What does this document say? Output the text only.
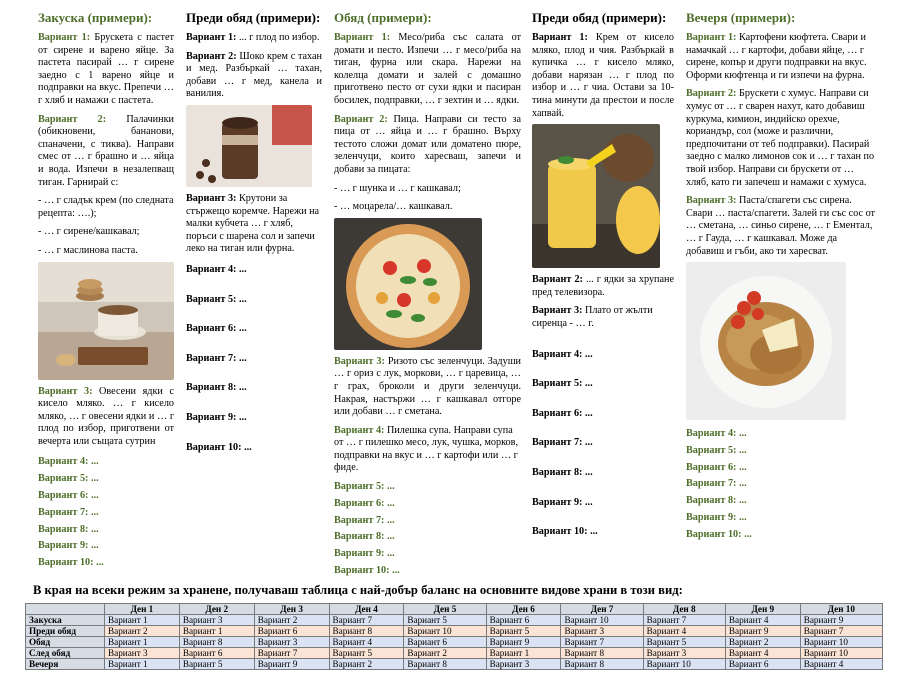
Закуска (примери):

Вариант 1: Брускета с пастет от сирене и варено яйце. За пастета пасирай … г сирене заедно с 1 варено яйце и подправки на вкус. Препечи … г хляб и намажи с пастета.

Вариант 2: Палачинки (обикновени, бананови, спаначени, с тиква). Направи смес от … г брашно и … яйца и вода. Изпечи в незалепващ тиган. Гарнирай с:

- … г сладък крем (по следната рецепта: ….);

- … г сирене/кашкавал;

- … г маслинова паста.

Вариант 3: Овесени ядки с кисело мляко. … г кисело мляко, … г овесени ядки и … г плод по избор, приготвени от вечерта или същата сутрин

Вариант 4: ...

Вариант 5: ...

Вариант 6: ...

Вариант 7: ...

Вариант 8: ...

Вариант 9: ...

Вариант 10: ...

Преди обяд (примери):

Вариант 1: ... г плод по избор.

Вариант 2: Шоко крем с тахан и мед. Разбъркай … тахан, добави … г мед, канела и ванилия.

Вариант 3: Крутони за стържещо коремче. Нарежи на малки кубчета … г хляб, поръси с шарена сол и запечи леко на тиган или фурна.

Вариант 4: ...

Вариант 5: ...

Вариант 6: ...

Вариант 7: ...

Вариант 8: ...

Вариант 9: ...

Вариант 10: ...

Обяд (примери):

Вариант 1: Месо/риба със салата от домати и песто. Изпечи … г месо/риба на тиган, фурна или скара. Нарежи на колелца домати и залей с домашно приготвено песто от сухи ядки и пасиран босилек, подправки, … г зехтин и … ядки.

Вариант 2: Пица. Направи си тесто за пица от … яйца и … г брашно. Върху тестото сложи домат или доматено пюре, зеленчуци, които харесваш, запечи и добави за пицата:

- … г шунка и … г кашкавал;

- … моцарела/… кашкавал.

Вариант 3: Ризото със зеленчуци. Задуши … г ориз с лук, моркови, … г царевица, … г грах, броколи и други зеленчуци. Накрая, настържи … г кашкавал отгоре или добави … г сметана.

Вариант 4: Пилешка супа. Направи супа от … г пилешко месо, лук, чушка, морков, подправки на вкус и … г картофи или … г фиде.

Вариант 5: ...

Вариант 6: ...

Вариант 7: ...

Вариант 8: ...

Вариант 9: ...

Вариант 10: ...

Преди обяд (примери):

Вариант 1: Крем от кисело мляко, плод и чия. Разбъркай в купичка … г кисело мляко, добави нарязан … г плод по избор и … г чиа. Остави за 10-тина минути да престои и после хапвай.

Вариант 2: ... г ядки за хрупане пред телевизора.

Вариант 3: Плато от жълти сиренца - … г.

Вариант 4: ...

Вариант 5: ...

Вариант 6: ...

Вариант 7: ...

Вариант 8: ...

Вариант 9: ...

Вариант 10: ...

Вечеря (примери):

Вариант 1: Картофени кюфтета. Свари и намачкай … г картофи, добави яйце, … г сирене, копър и други подправки на вкус. Оформи кюфтенца и ги изпечи на фурна.

Вариант 2: Брускети с хумус. Направи си хумус от … г сварен нахут, като добавиш куркума, кимион, индийско орехче, кориандър, сол (може и различни, предпочитани от теб подправки). Пасирай заедно с малко лимонов сок и … г тахан по твой избор. Направи си брускети от … хляб, като ги запечеш и намажи с хумуса.

Вариант 3: Паста/спагети със сирена. Свари … паста/спагети. Залей ги със сос от … сметана, … синьо сирене, … г Ементал, … г Гауда, … г кашкавал. Може да добавиш и гъби, ако ти харесват.

Вариант 4: ...

Вариант 5: ...

Вариант 6: ...

Вариант 7: ...

Вариант 8: ...

Вариант 9: ...

Вариант 10: ...

В края на всеки режим за хранене, получаваш таблица с най-добър баланс на основните видове храни в този вид:
	Ден 1	Ден 2	Ден 3	Ден 4	Ден 5	Ден 6	Ден 7	Ден 8	Ден 9	Ден 10
Закуска	Вариант 1	Вариант 3	Вариант 2	Вариант 7	Вариант 5	Вариант 6	Вариант 10	Вариант 7	Вариант 4	Вариант 9
Преди обяд	Вариант 2	Вариант 1	Вариант 6	Вариант 8	Вариант 10	Вариант 5	Вариант 3	Вариант 4	Вариант 9	Вариант 7
Обяд	Вариант 1	Вариант 8	Вариант 3	Вариант 4	Вариант 6	Вариант 9	Вариант 7	Вариант 5	Вариант 2	Вариант 10
След обяд	Вариант 3	Вариант 6	Вариант 7	Вариант 5	Вариант 2	Вариант 1	Вариант 8	Вариант 3	Вариант 4	Вариант 10
Вечеря	Вариант 1	Вариант 5	Вариант 9	Вариант 2	Вариант 8	Вариант 3	Вариант 8	Вариант 10	Вариант 6	Вариант 4
